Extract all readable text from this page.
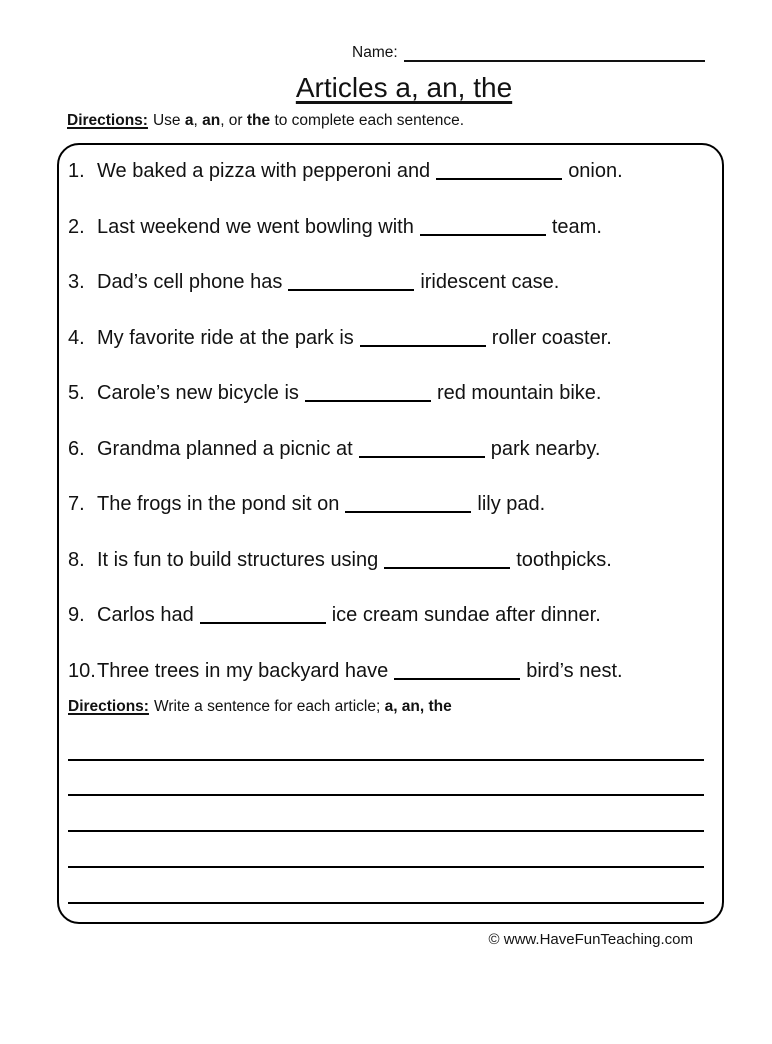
Name:
Articles a, an, the
Directions: Use a, an, or the to complete each sentence.
1. We baked a pizza with pepperoni and	onion.
2. Last weekend we went bowling with	team.
3. Dad’s cell phone has	iridescent case.
4. My favorite ride at the park is	roller coaster.
5. Carole’s new bicycle is	red mountain bike.
6. Grandma planned a picnic at	park nearby.
7. The frogs in the pond sit on	lily pad.
8. It is fun to build structures using	toothpicks.
9. Carlos had	ice cream sundae after dinner.
10. Three trees in my backyard have	bird’s nest.
Directions: Write a sentence for each article; a, an, the
© www.HaveFunTeaching.com
